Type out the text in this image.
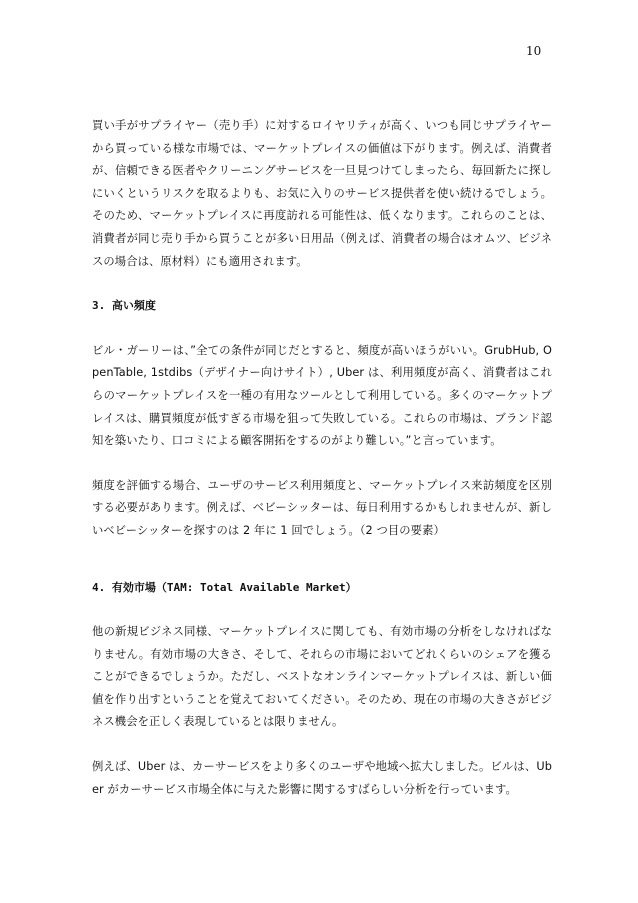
10

買い手がサプライヤー（売り手）に対するロイヤリティが高く、いつも同じサプライヤーから買っている様な市場では、マーケットプレイスの価値は下がります。例えば、消費者が、信頼できる医者やクリーニングサービスを一旦見つけてしまったら、毎回新たに探しにいくというリスクを取るよりも、お気に入りのサービス提供者を使い続けるでしょう。そのため、マーケットプレイスに再度訪れる可能性は、低くなります。これらのことは、消費者が同じ売り手から買うことが多い日用品（例えば、消費者の場合はオムツ、ビジネスの場合は、原材料）にも適用されます。

3. 高い頻度

ビル・ガーリーは、”全ての条件が同じだとすると、頻度が高いほうがいい。GrubHub, OpenTable, 1stdibs（デザイナー向けサイト）, Uber は、利用頻度が高く、消費者はこれらのマーケットプレイスを一種の有用なツールとして利用している。多くのマーケットプレイスは、購買頻度が低すぎる市場を狙って失敗している。これらの市場は、ブランド認知を築いたり、口コミによる顧客開拓をするのがより難しい。”と言っています。

頻度を評価する場合、ユーザのサービス利用頻度と、マーケットプレイス来訪頻度を区別する必要があります。例えば、ベビーシッターは、毎日利用するかもしれませんが、新しいベビーシッターを探すのは 2 年に 1 回でしょう。（2 つ目の要素）

4. 有効市場（TAM: Total Available Market）

他の新規ビジネス同様、マーケットプレイスに関しても、有効市場の分析をしなければなりません。有効市場の大きさ、そして、それらの市場においてどれくらいのシェアを獲ることができるでしょうか。ただし、ベストなオンラインマーケットプレイスは、新しい価値を作り出すということを覚えておいてください。そのため、現在の市場の大きさがビジネス機会を正しく表現しているとは限りません。

例えば、Uber は、カーサービスをより多くのユーザや地域へ拡大しました。ビルは、Uber がカーサービス市場全体に与えた影響に関するすばらしい分析を行っています。
